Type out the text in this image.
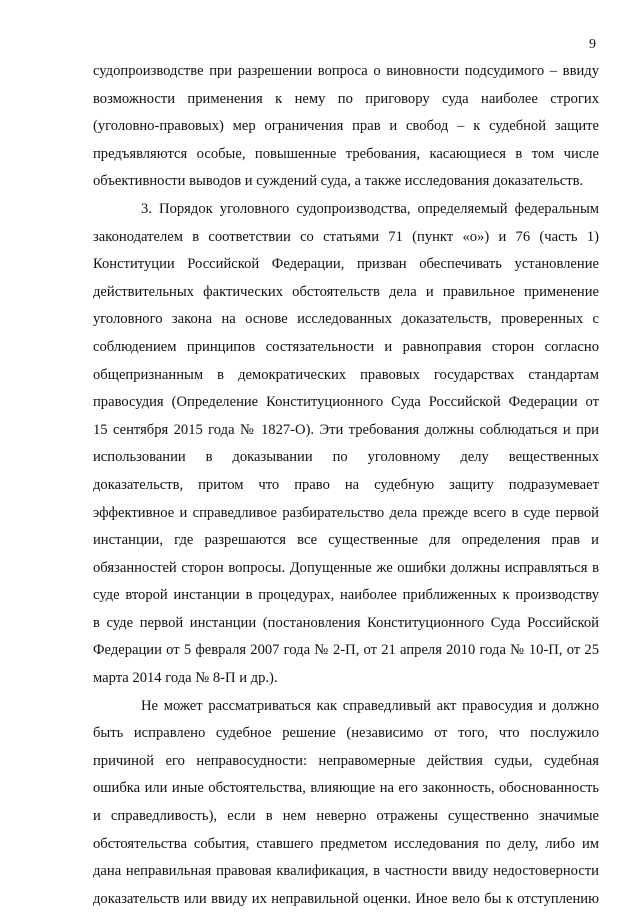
9
судопроизводстве при разрешении вопроса о виновности подсудимого – ввиду
возможности применения к нему по приговору суда наиболее строгих
(уголовно-правовых) мер ограничения прав и свобод – к судебной защите
предъявляются особые, повышенные требования, касающиеся в том числе
объективности выводов и суждений суда, а также исследования доказательств.
3. Порядок уголовного судопроизводства, определяемый федеральным
законодателем в соответствии со статьями 71 (пункт «о») и 76 (часть 1)
Конституции Российской Федерации, призван обеспечивать установление
действительных фактических обстоятельств дела и правильное применение
уголовного закона на основе исследованных доказательств, проверенных с
соблюдением принципов состязательности и равноправия сторон согласно
общепризнанным в демократических правовых государствах стандартам
правосудия (Определение Конституционного Суда Российской Федерации от
15 сентября 2015 года № 1827-О). Эти требования должны соблюдаться и при
использовании в доказывании по уголовному делу вещественных
доказательств, притом что право на судебную защиту подразумевает
эффективное и справедливое разбирательство дела прежде всего в суде первой
инстанции, где разрешаются все существенные для определения прав и
обязанностей сторон вопросы. Допущенные же ошибки должны исправляться в
суде второй инстанции в процедурах, наиболее приближенных к производству
в суде первой инстанции (постановления Конституционного Суда Российской
Федерации от 5 февраля 2007 года № 2-П, от 21 апреля 2010 года № 10-П, от 25
марта 2014 года № 8-П и др.).
Не может рассматриваться как справедливый акт правосудия и должно
быть исправлено судебное решение (независимо от того, что послужило
причиной его неправосудности: неправомерные действия судьи, судебная
ошибка или иные обстоятельства, влияющие на его законность, обоснованность
и справедливость), если в нем неверно отражены существенно значимые
обстоятельства события, ставшего предметом исследования по делу, либо им
дана неправильная правовая квалификация, в частности ввиду недостоверности
доказательств или ввиду их неправильной оценки. Иное вело бы к отступлению
